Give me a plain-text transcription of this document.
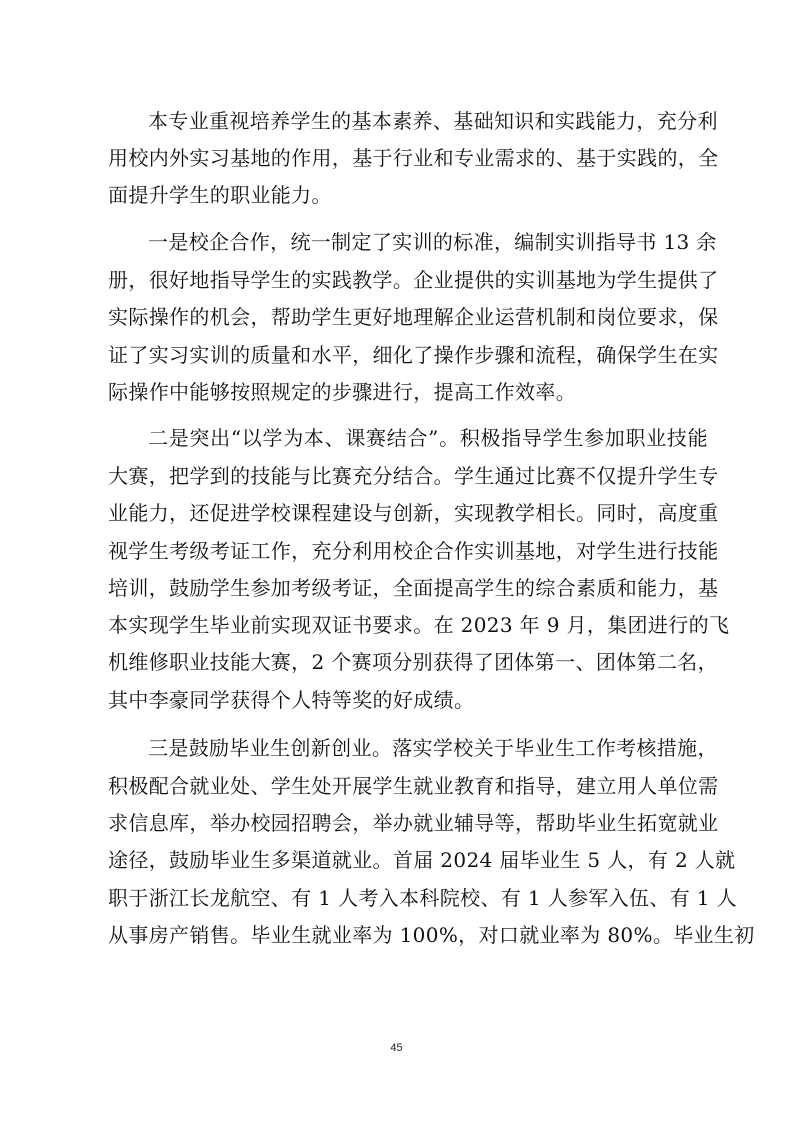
本专业重视培养学生的基本素养、基础知识和实践能力，充分利
用校内外实习基地的作用，基于行业和专业需求的、基于实践的，全
面提升学生的职业能力。
一是校企合作，统一制定了实训的标准，编制实训指导书 13 余
册，很好地指导学生的实践教学。企业提供的实训基地为学生提供了
实际操作的机会，帮助学生更好地理解企业运营机制和岗位要求，保
证了实习实训的质量和水平，细化了操作步骤和流程，确保学生在实
际操作中能够按照规定的步骤进行，提高工作效率。
二是突出“以学为本、课赛结合”。积极指导学生参加职业技能
大赛，把学到的技能与比赛充分结合。学生通过比赛不仅提升学生专
业能力，还促进学校课程建设与创新，实现教学相长。同时，高度重
视学生考级考证工作，充分利用校企合作实训基地，对学生进行技能
培训，鼓励学生参加考级考证，全面提高学生的综合素质和能力，基
本实现学生毕业前实现双证书要求。在 2023 年 9 月，集团进行的飞
机维修职业技能大赛，2 个赛项分别获得了团体第一、团体第二名，
其中李豪同学获得个人特等奖的好成绩。
三是鼓励毕业生创新创业。落实学校关于毕业生工作考核措施，
积极配合就业处、学生处开展学生就业教育和指导，建立用人单位需
求信息库，举办校园招聘会，举办就业辅导等，帮助毕业生拓宽就业
途径，鼓励毕业生多渠道就业。首届 2024 届毕业生 5 人，有 2 人就
职于浙江长龙航空、有 1 人考入本科院校、有 1 人参军入伍、有 1 人
从事房产销售。毕业生就业率为 100%，对口就业率为 80%。毕业生初
45
